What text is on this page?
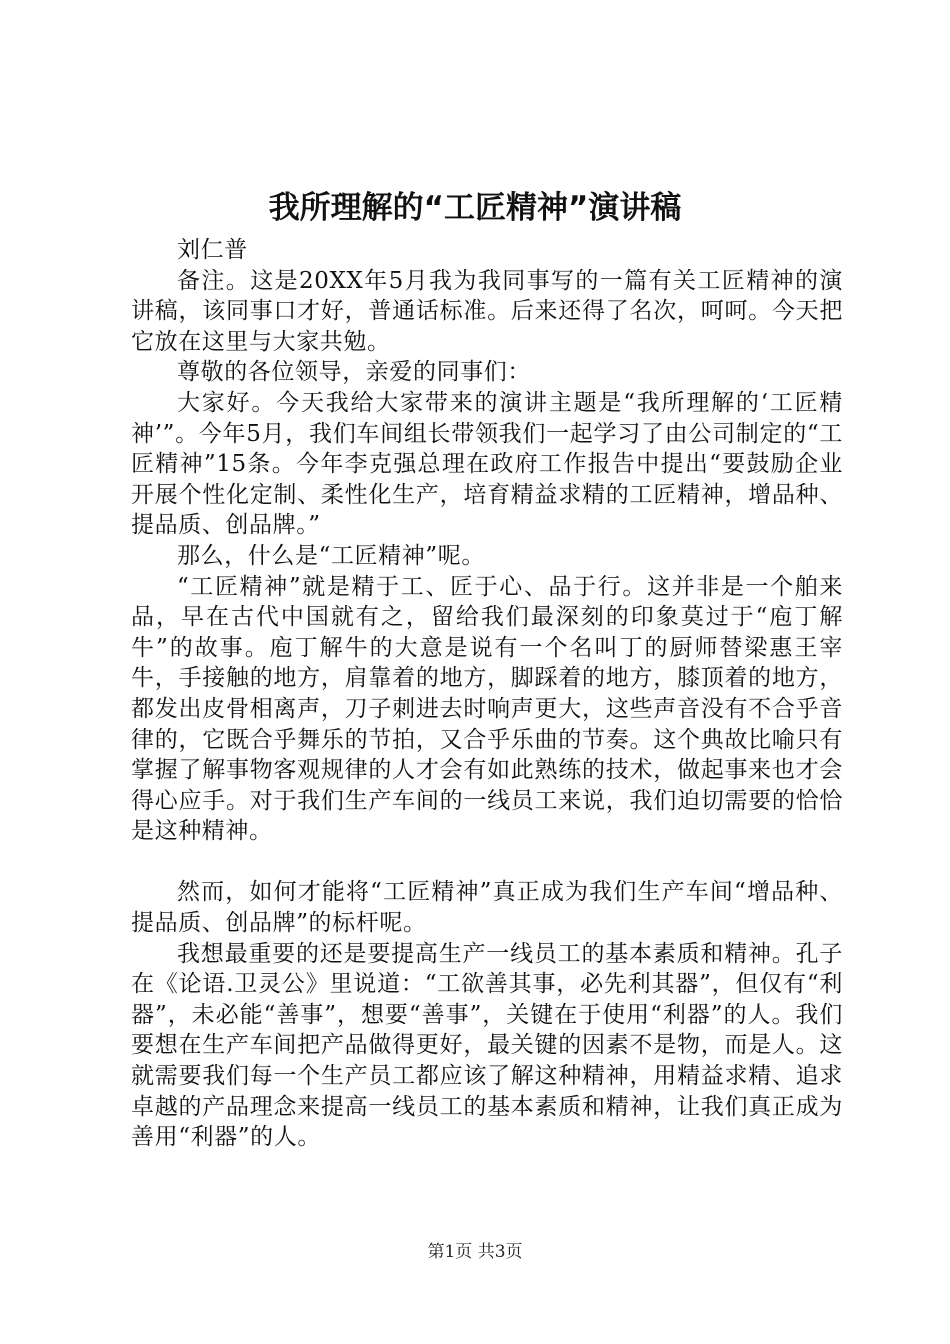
我所理解的“工匠精神”演讲稿

刘仁普

备注。这是20XX年5月我为我同事写的一篇有关工匠精神的演讲稿，该同事口才好，普通话标准。后来还得了名次，呵呵。今天把它放在这里与大家共勉。

尊敬的各位领导，亲爱的同事们：

大家好。今天我给大家带来的演讲主题是“我所理解的‘工匠精神’”。今年5月，我们车间组长带领我们一起学习了由公司制定的“工匠精神”15条。今年李克强总理在政府工作报告中提出“要鼓励企业开展个性化定制、柔性化生产，培育精益求精的工匠精神，增品种、提品质、创品牌。”

那么，什么是“工匠精神”呢。

“工匠精神”就是精于工、匠于心、品于行。这并非是一个舶来品，早在古代中国就有之，留给我们最深刻的印象莫过于“庖丁解牛”的故事。庖丁解牛的大意是说有一个名叫丁的厨师替梁惠王宰牛，手接触的地方，肩靠着的地方，脚踩着的地方，膝顶着的地方，都发出皮骨相离声，刀子刺进去时响声更大，这些声音没有不合乎音律的，它既合乎舞乐的节拍，又合乎乐曲的节奏。这个典故比喻只有掌握了解事物客观规律的人才会有如此熟练的技术，做起事来也才会得心应手。对于我们生产车间的一线员工来说，我们迫切需要的恰恰是这种精神。

然而，如何才能将“工匠精神”真正成为我们生产车间“增品种、提品质、创品牌”的标杆呢。

我想最重要的还是要提高生产一线员工的基本素质和精神。孔子在《论语.卫灵公》里说道：“工欲善其事，必先利其器”，但仅有“利器”，未必能“善事”，想要“善事”，关键在于使用“利器”的人。我们要想在生产车间把产品做得更好，最关键的因素不是物，而是人。这就需要我们每一个生产员工都应该了解这种精神，用精益求精、追求卓越的产品理念来提高一线员工的基本素质和精神，让我们真正成为善用“利器”的人。

第1页 共3页
